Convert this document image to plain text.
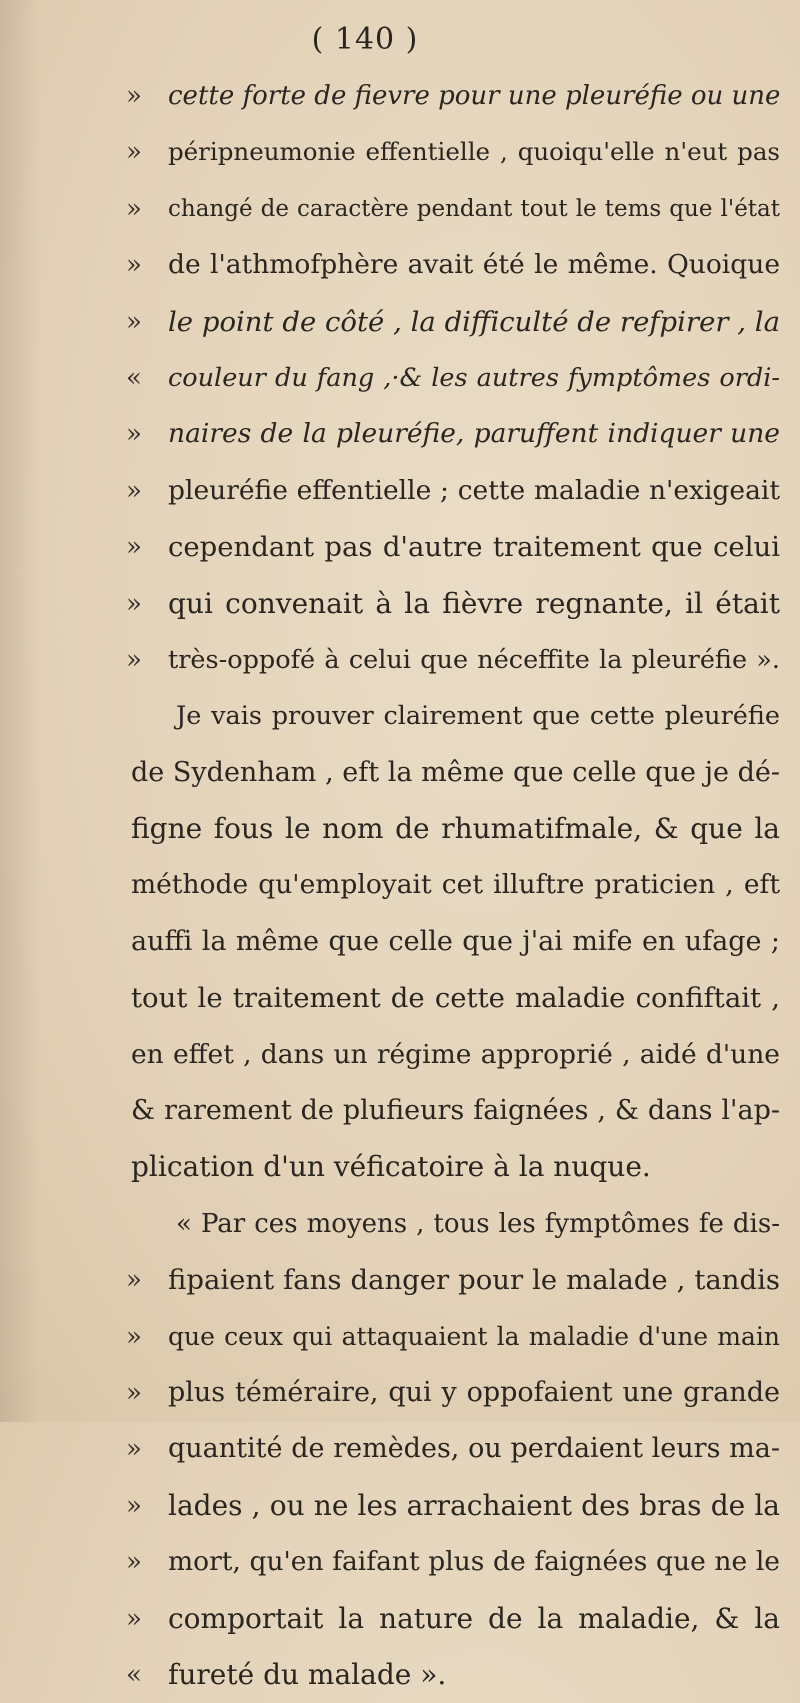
( 140 )
» cette forte de fievre pour une pleuréfie ou une
» péripneumonie effentielle , quoiqu'elle n'eut pas
» changé de caractère pendant tout le tems que l'état
» de l'athmofphère avait été le même. Quoique
» le point de côté , la difficulté de refpirer , la
« couleur du fang ,·& les autres fymptômes ordi-
» naires de la pleuréfie, paruffent indiquer une
» pleuréfie effentielle ; cette maladie n'exigeait
» cependant pas d'autre traitement que celui
» qui convenait à la fièvre regnante, il était
» très-oppofé à celui que néceffite la pleuréfie ».
Je vais prouver clairement que cette pleuréfie
de Sydenham , eft la même que celle que je dé-
figne fous le nom de rhumatifmale, & que la
méthode qu'employait cet illuftre praticien , eft
auffi la même que celle que j'ai mife en ufage ;
tout le traitement de cette maladie confiftait ,
en effet , dans un régime approprié , aidé d'une
& rarement de plufieurs faignées , & dans l'ap-
plication d'un véficatoire à la nuque.
« Par ces moyens , tous les fymptômes fe dis-
» fipaient fans danger pour le malade , tandis
» que ceux qui attaquaient la maladie d'une main
» plus téméraire, qui y oppofaient une grande
» quantité de remèdes, ou perdaient leurs ma-
» lades , ou ne les arrachaient des bras de la
» mort, qu'en faifant plus de faignées que ne le
» comportait la nature de la maladie, & la
« fureté du malade ».
